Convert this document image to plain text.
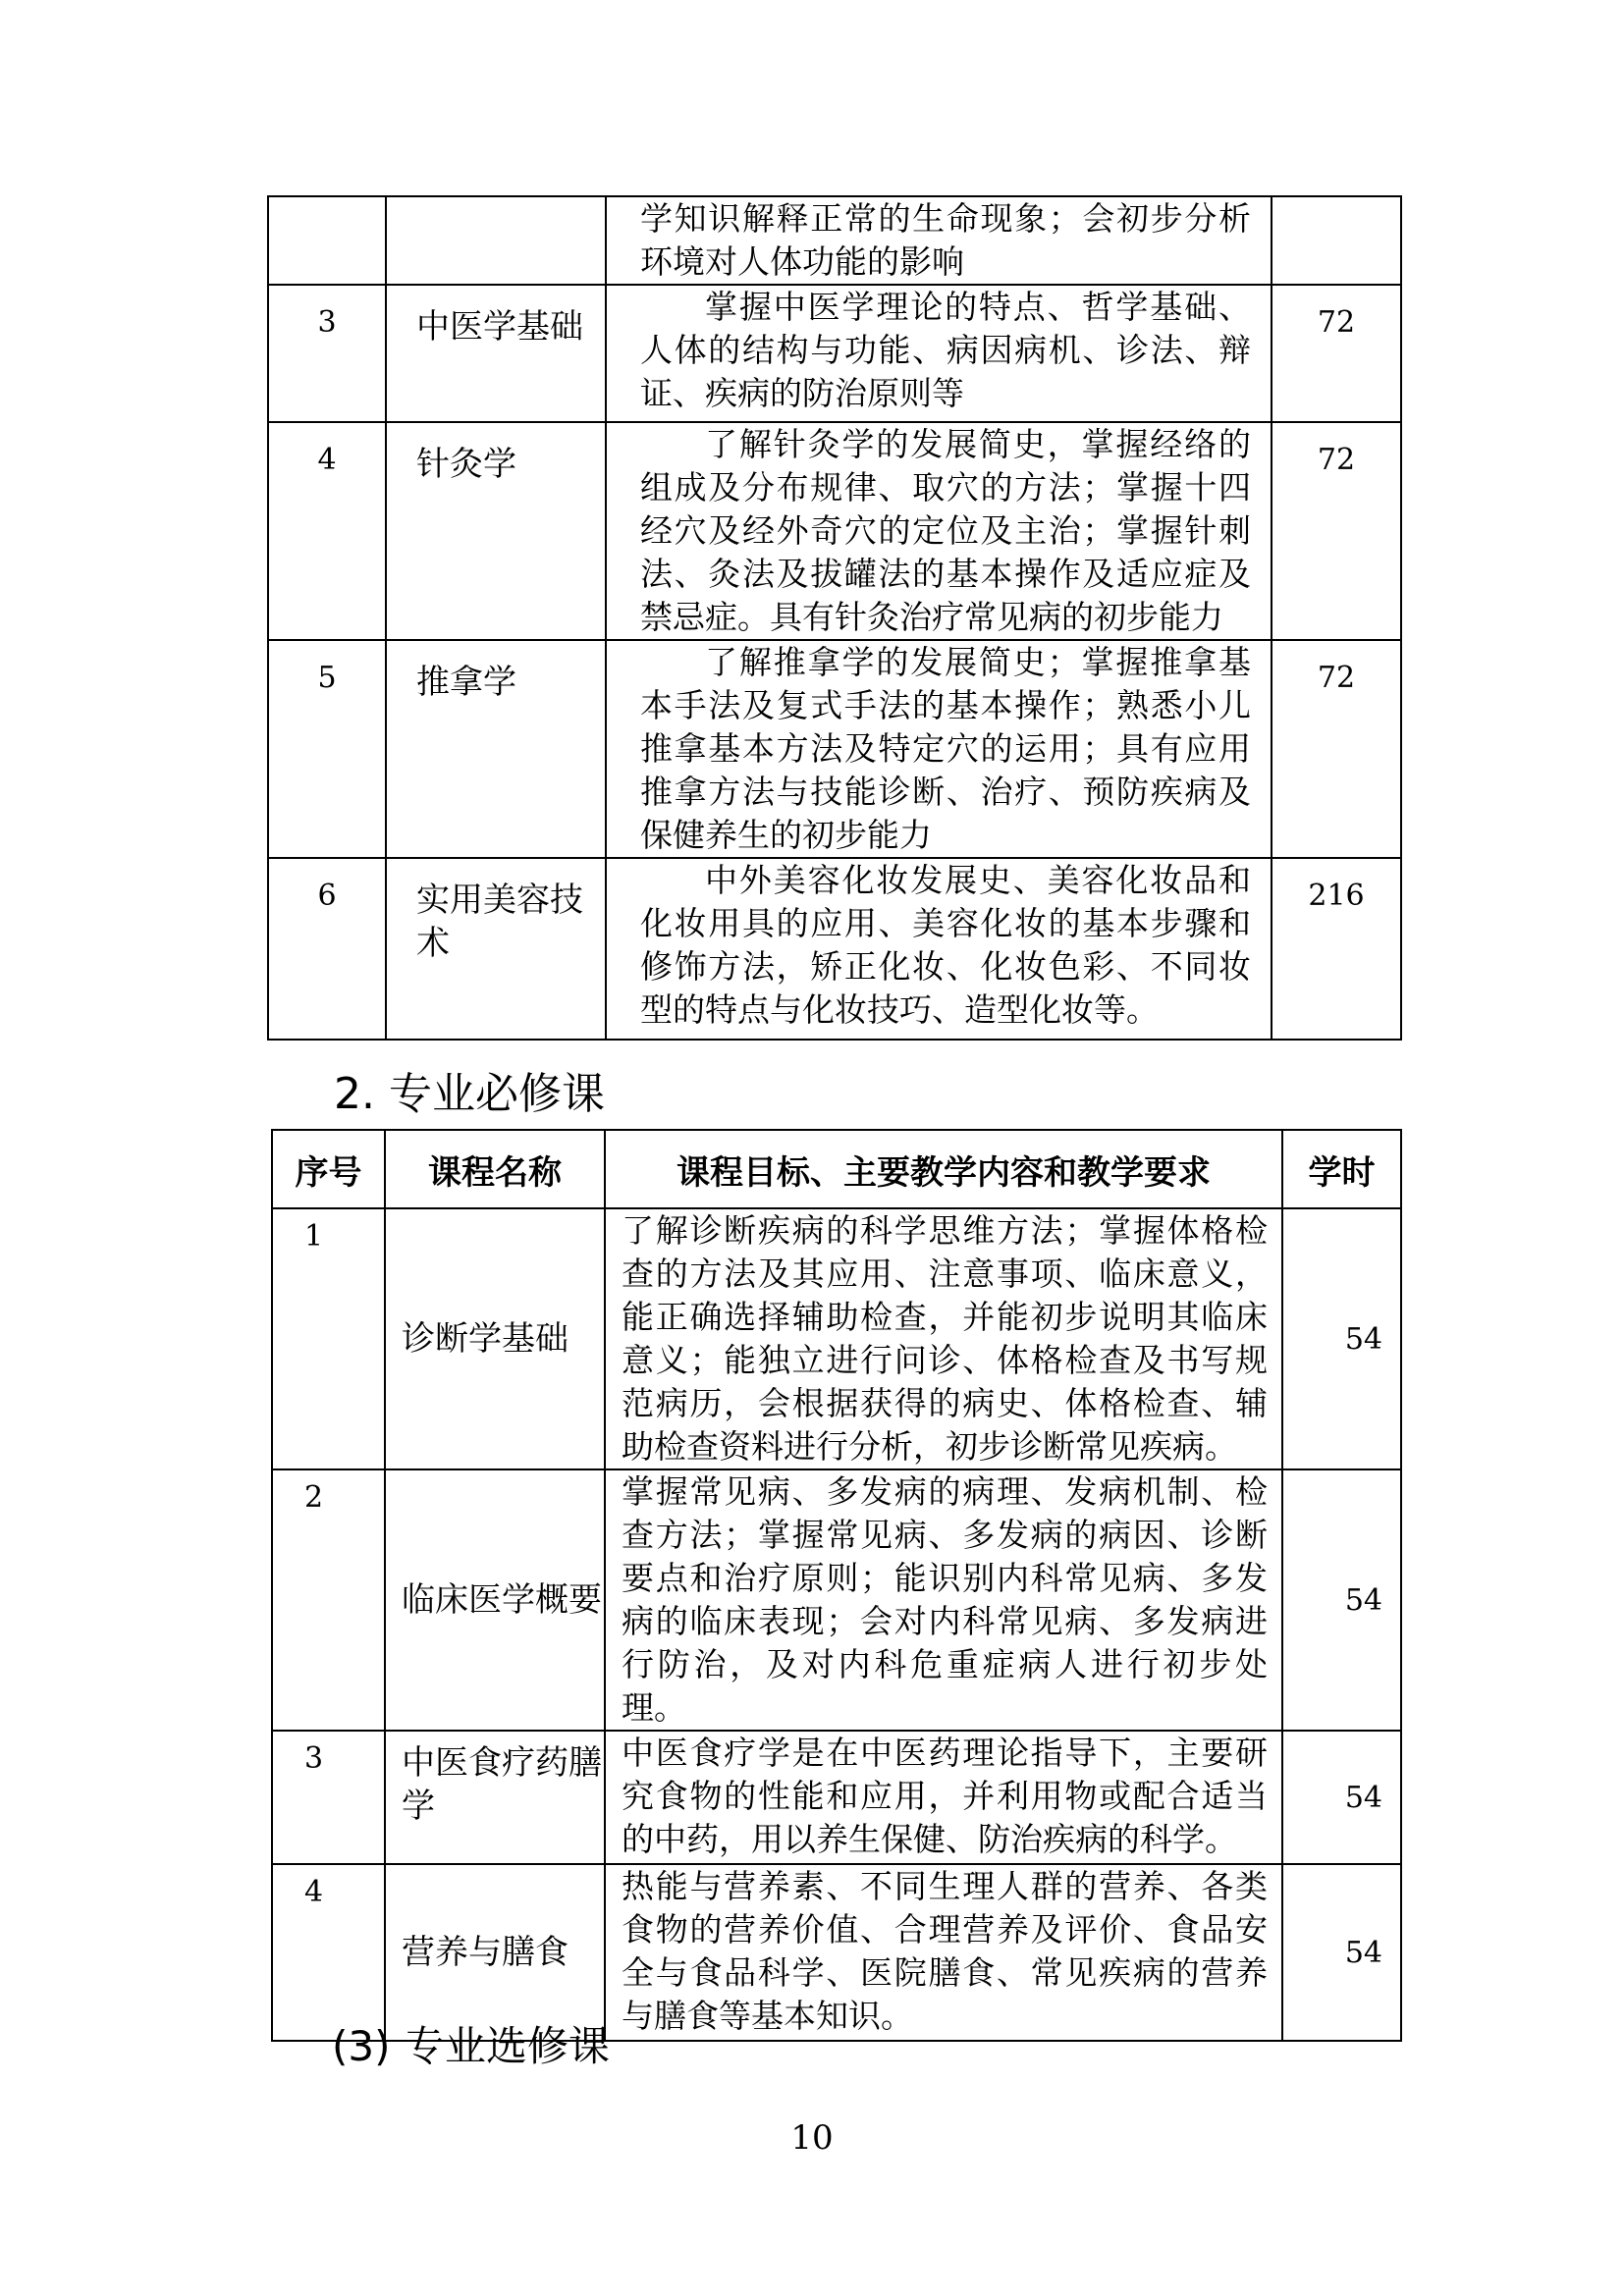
		学知识解释正常的生命现象；会初步分析环境对人体功能的影响	
3	中医学基础	掌握中医学理论的特点、哲学基础、人体的结构与功能、病因病机、诊法、辩证、疾病的防治原则等	72
4	针灸学	了解针灸学的发展简史，掌握经络的组成及分布规律、取穴的方法；掌握十四经穴及经外奇穴的定位及主治；掌握针刺法、灸法及拔罐法的基本操作及适应症及禁忌症。具有针灸治疗常见病的初步能力	72
5	推拿学	了解推拿学的发展简史；掌握推拿基本手法及复式手法的基本操作；熟悉小儿推拿基本方法及特定穴的运用；具有应用推拿方法与技能诊断、治疗、预防疾病及保健养生的初步能力	72
6	实用美容技术	中外美容化妆发展史、美容化妆品和化妆用具的应用、美容化妆的基本步骤和修饰方法，矫正化妆、化妆色彩、不同妆型的特点与化妆技巧、造型化妆等。	216
2. 专业必修课
序号	课程名称	课程目标、主要教学内容和教学要求	学时
1	诊断学基础	了解诊断疾病的科学思维方法；掌握体格检查的方法及其应用、注意事项、临床意义，能正确选择辅助检查，并能初步说明其临床意义；能独立进行问诊、体格检查及书写规范病历，会根据获得的病史、体格检查、辅助检查资料进行分析，初步诊断常见疾病。	54
2	临床医学概要	掌握常见病、多发病的病理、发病机制、检查方法；掌握常见病、多发病的病因、诊断要点和治疗原则；能识别内科常见病、多发病的临床表现；会对内科常见病、多发病进行防治，及对内科危重症病人进行初步处理。	54
3	中医食疗药膳学	中医食疗学是在中医药理论指导下，主要研究食物的性能和应用，并利用物或配合适当的中药，用以养生保健、防治疾病的科学。	54
4	营养与膳食	热能与营养素、不同生理人群的营养、各类食物的营养价值、合理营养及评价、食品安全与食品科学、医院膳食、常见疾病的营养与膳食等基本知识。	54
(3) 专业选修课
10
